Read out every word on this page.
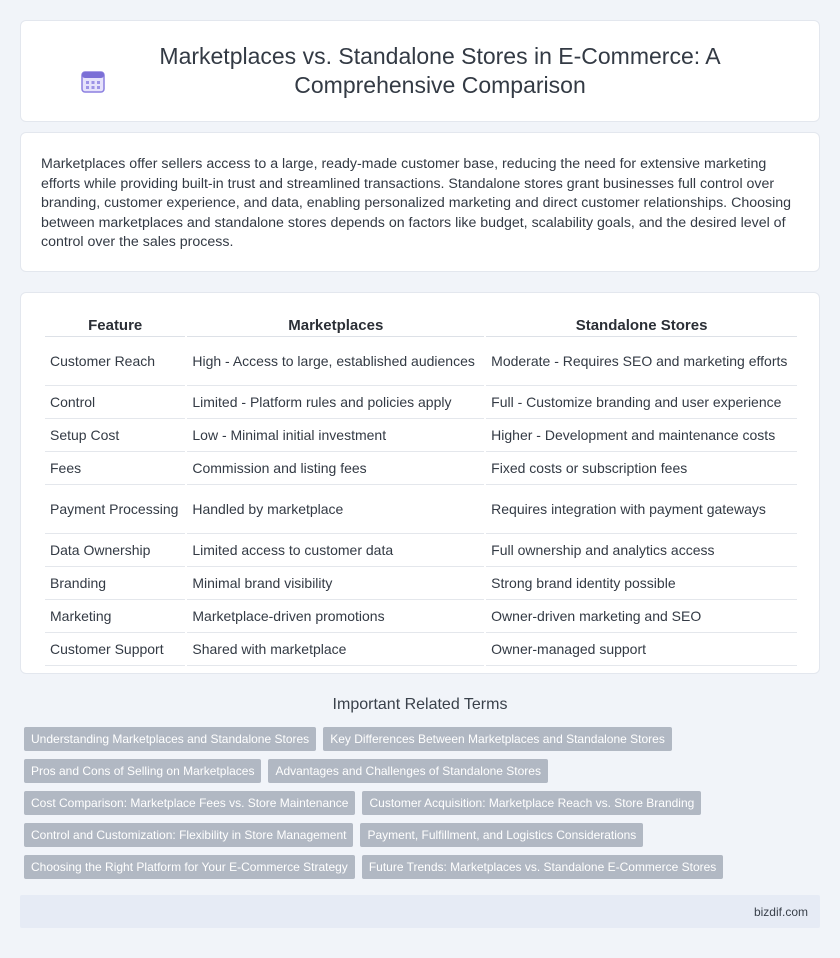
Marketplaces vs. Standalone Stores in E-Commerce: A Comprehensive Comparison

Marketplaces offer sellers access to a large, ready-made customer base, reducing the need for extensive marketing efforts while providing built-in trust and streamlined transactions. Standalone stores grant businesses full control over branding, customer experience, and data, enabling personalized marketing and direct customer relationships. Choosing between marketplaces and standalone stores depends on factors like budget, scalability goals, and the desired level of control over the sales process.

Feature	Marketplaces	Standalone Stores
Customer Reach	High - Access to large, established audiences	Moderate - Requires SEO and marketing efforts
Control	Limited - Platform rules and policies apply	Full - Customize branding and user experience
Setup Cost	Low - Minimal initial investment	Higher - Development and maintenance costs
Fees	Commission and listing fees	Fixed costs or subscription fees
Payment Processing	Handled by marketplace	Requires integration with payment gateways
Data Ownership	Limited access to customer data	Full ownership and analytics access
Branding	Minimal brand visibility	Strong brand identity possible
Marketing	Marketplace-driven promotions	Owner-driven marketing and SEO
Customer Support	Shared with marketplace	Owner-managed support
Important Related Terms
Understanding Marketplaces and Standalone Stores	Key Differences Between Marketplaces and Standalone Stores
Pros and Cons of Selling on Marketplaces	Advantages and Challenges of Standalone Stores
Cost Comparison: Marketplace Fees vs. Store Maintenance	Customer Acquisition: Marketplace Reach vs. Store Branding
Control and Customization: Flexibility in Store Management	Payment, Fulfillment, and Logistics Considerations
Choosing the Right Platform for Your E-Commerce Strategy	Future Trends: Marketplaces vs. Standalone E-Commerce Stores
bizdif.com
